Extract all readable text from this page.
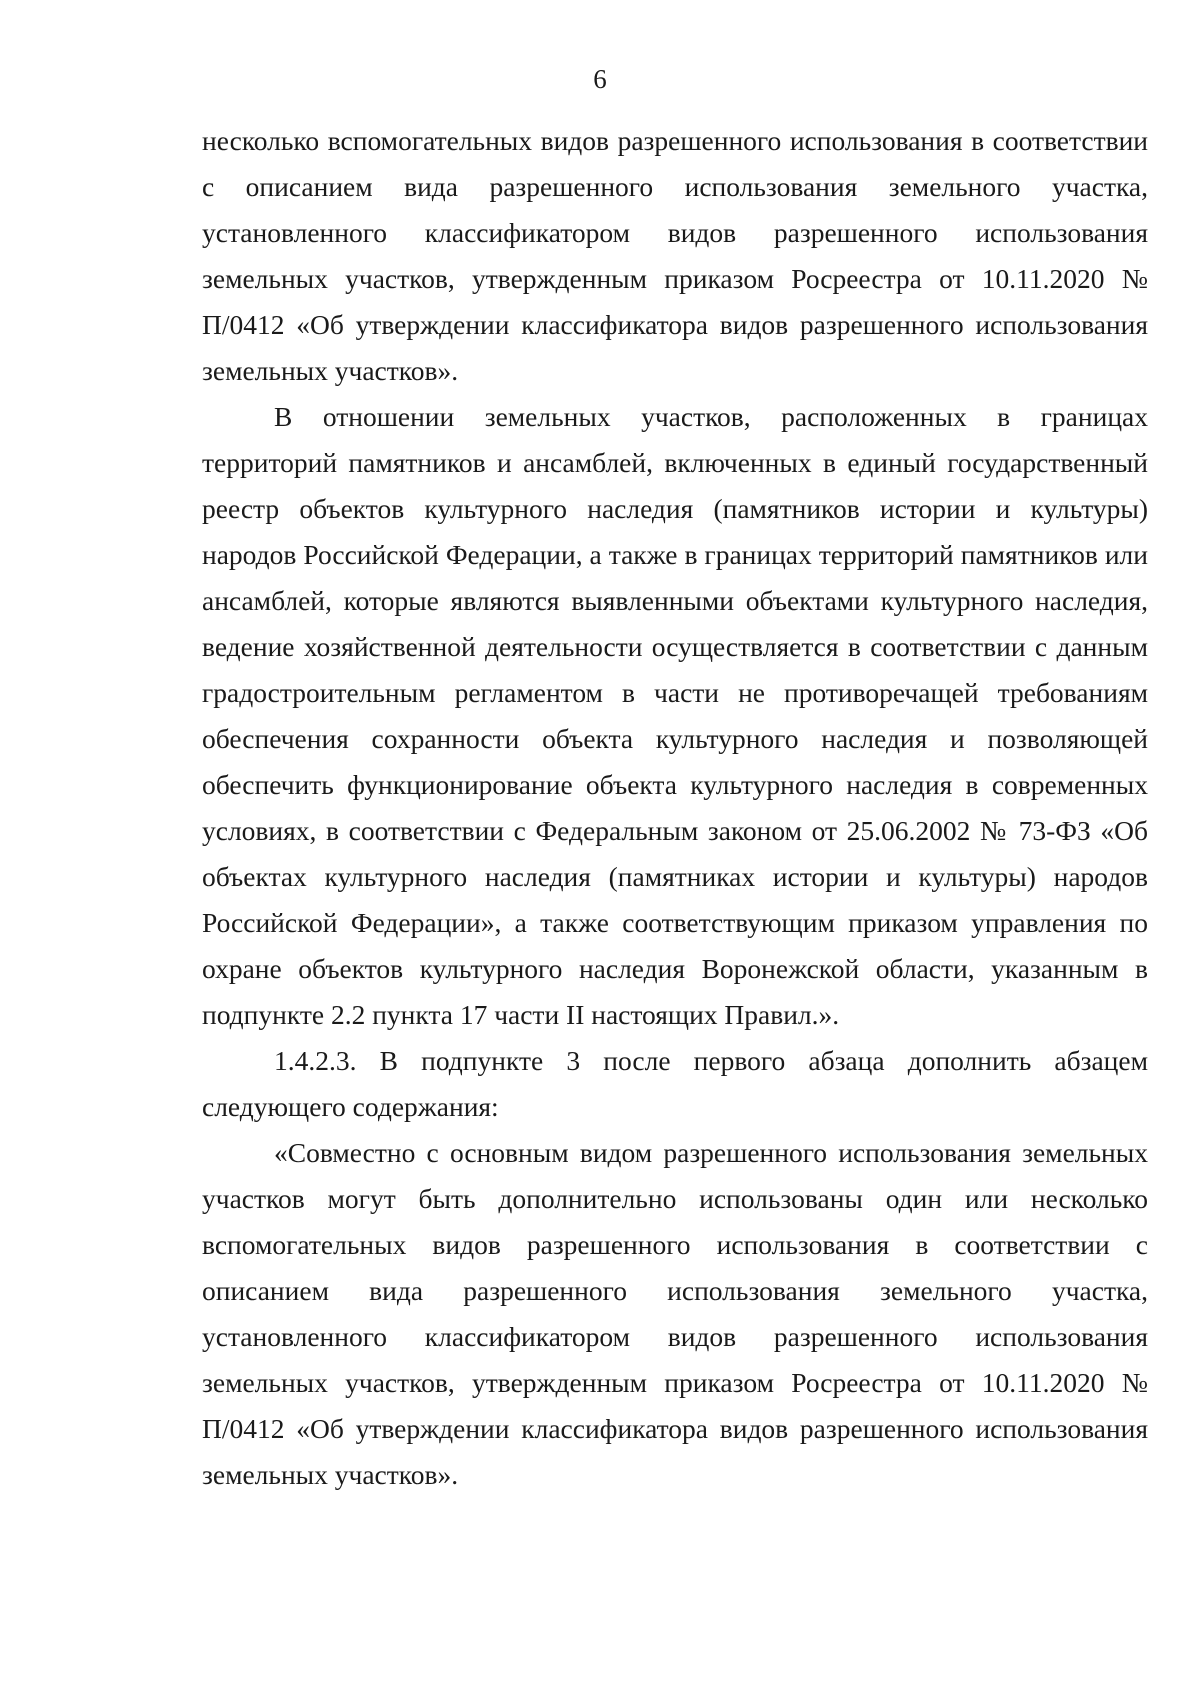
6

несколько вспомогательных видов разрешенного использования в соответствии с описанием вида разрешенного использования земельного участка, установленного классификатором видов разрешенного использования земельных участков, утвержденным приказом Росреестра от 10.11.2020 № П/0412 «Об утверждении классификатора видов разрешенного использования земельных участков».

В отношении земельных участков, расположенных в границах территорий памятников и ансамблей, включенных в единый государственный реестр объектов культурного наследия (памятников истории и культуры) народов Российской Федерации, а также в границах территорий памятников или ансамблей, которые являются выявленными объектами культурного наследия, ведение хозяйственной деятельности осуществляется в соответствии с данным градостроительным регламентом в части не противоречащей требованиям обеспечения сохранности объекта культурного наследия и позволяющей обеспечить функционирование объекта культурного наследия в современных условиях, в соответствии с Федеральным законом от 25.06.2002 № 73-ФЗ «Об объектах культурного наследия (памятниках истории и культуры) народов Российской Федерации», а также соответствующим приказом управления по охране объектов культурного наследия Воронежской области, указанным в подпункте 2.2 пункта 17 части II настоящих Правил.».

1.4.2.3. В подпункте 3 после первого абзаца дополнить абзацем следующего содержания:

«Совместно с основным видом разрешенного использования земельных участков могут быть дополнительно использованы один или несколько вспомогательных видов разрешенного использования в соответствии с описанием вида разрешенного использования земельного участка, установленного классификатором видов разрешенного использования земельных участков, утвержденным приказом Росреестра от 10.11.2020 № П/0412 «Об утверждении классификатора видов разрешенного использования земельных участков».
